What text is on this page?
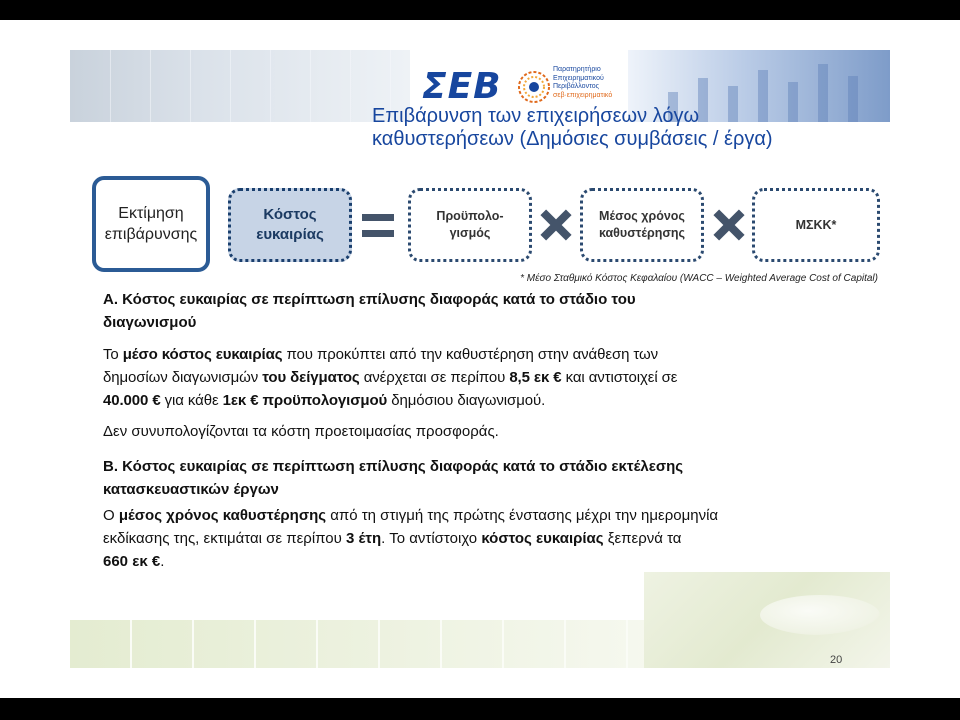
ΣΕΒ	Παρατηρητήριο
Επιχειρηματικού
Περιβάλλοντος
σεβ·επιχειρηματικό
Επιβάρυνση των επιχειρήσεων λόγω
καθυστερήσεων (Δημόσιες συμβάσεις / έργα)
Εκτίμηση
επιβάρυνσης
Κόστος
ευκαιρίας
Προϋπολο-
γισμός
Μέσος χρόνος
καθυστέρησης
ΜΣΚΚ*
* Μέσο Σταθμικό Κόστος Κεφαλαίου (WACC – Weighted Average Cost of Capital)
Α. Κόστος ευκαιρίας σε περίπτωση επίλυσης διαφοράς κατά το στάδιο του
διαγωνισμού
Το μέσο κόστος ευκαιρίας που προκύπτει από την καθυστέρηση στην ανάθεση των
δημοσίων διαγωνισμών του δείγματος ανέρχεται σε περίπου 8,5 εκ € και αντιστοιχεί σε
40.000 € για κάθε 1εκ € προϋπολογισμού δημόσιου διαγωνισμού.
Δεν συνυπολογίζονται τα κόστη προετοιμασίας προσφοράς.
Β. Κόστος ευκαιρίας σε περίπτωση επίλυσης διαφοράς κατά το στάδιο εκτέλεσης
κατασκευαστικών έργων
Ο μέσος χρόνος καθυστέρησης από τη στιγμή της πρώτης ένστασης μέχρι την ημερομηνία
εκδίκασης της, εκτιμάται σε περίπου 3 έτη. Το αντίστοιχο κόστος ευκαιρίας ξεπερνά τα
660 εκ €.
20
